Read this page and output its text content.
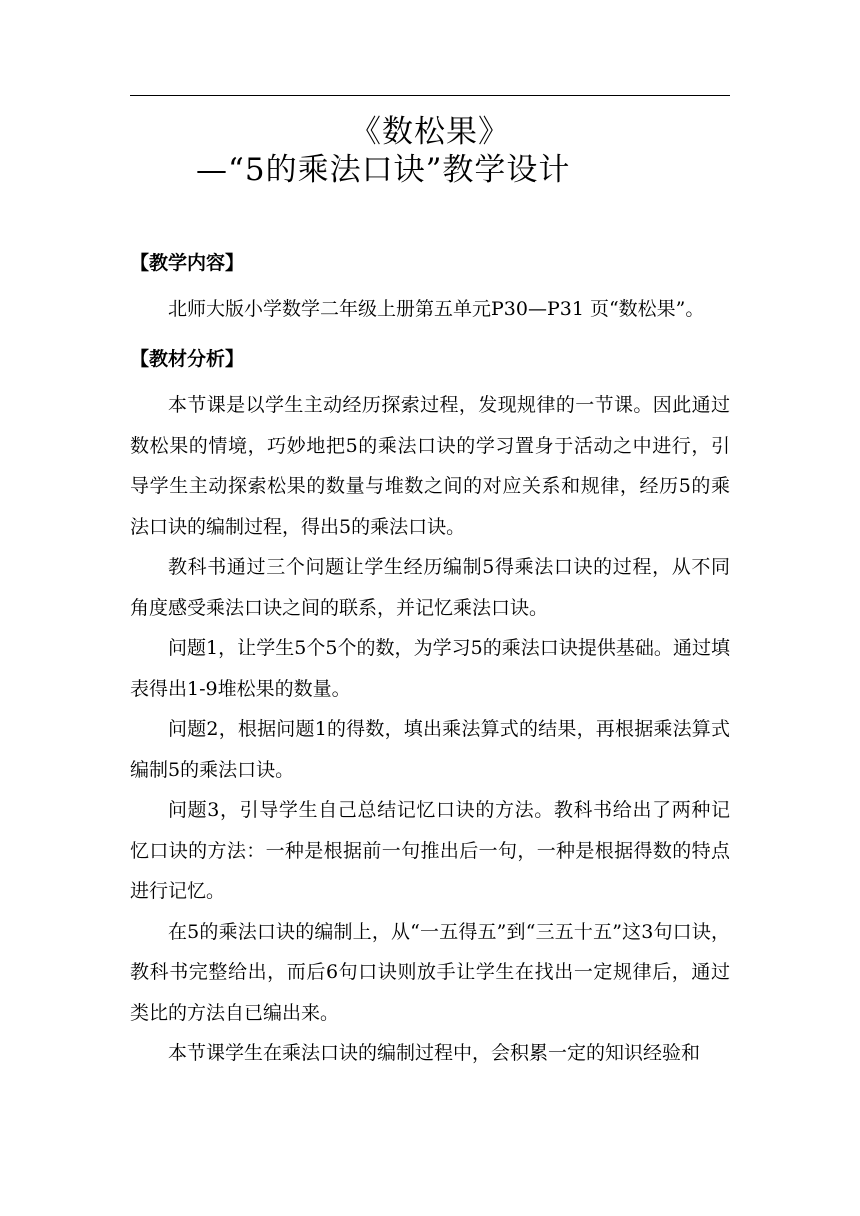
《数松果》
—“5的乘法口诀”教学设计

【教学内容】

北师大版小学数学二年级上册第五单元P30—P31 页“数松果”。

【教材分析】

本节课是以学生主动经历探索过程，发现规律的一节课。因此通过数松果的情境，巧妙地把5的乘法口诀的学习置身于活动之中进行，引导学生主动探索松果的数量与堆数之间的对应关系和规律，经历5的乘法口诀的编制过程，得出5的乘法口诀。

教科书通过三个问题让学生经历编制5得乘法口诀的过程，从不同角度感受乘法口诀之间的联系，并记忆乘法口诀。

问题1，让学生5个5个的数，为学习5的乘法口诀提供基础。通过填表得出1-9堆松果的数量。

问题2，根据问题1的得数，填出乘法算式的结果，再根据乘法算式编制5的乘法口诀。

问题3，引导学生自己总结记忆口诀的方法。教科书给出了两种记忆口诀的方法：一种是根据前一句推出后一句，一种是根据得数的特点进行记忆。

在5的乘法口诀的编制上，从“一五得五”到“三五十五”这3句口诀，教科书完整给出，而后6句口诀则放手让学生在找出一定规律后，通过类比的方法自已编出来。

本节课学生在乘法口诀的编制过程中，会积累一定的知识经验和
